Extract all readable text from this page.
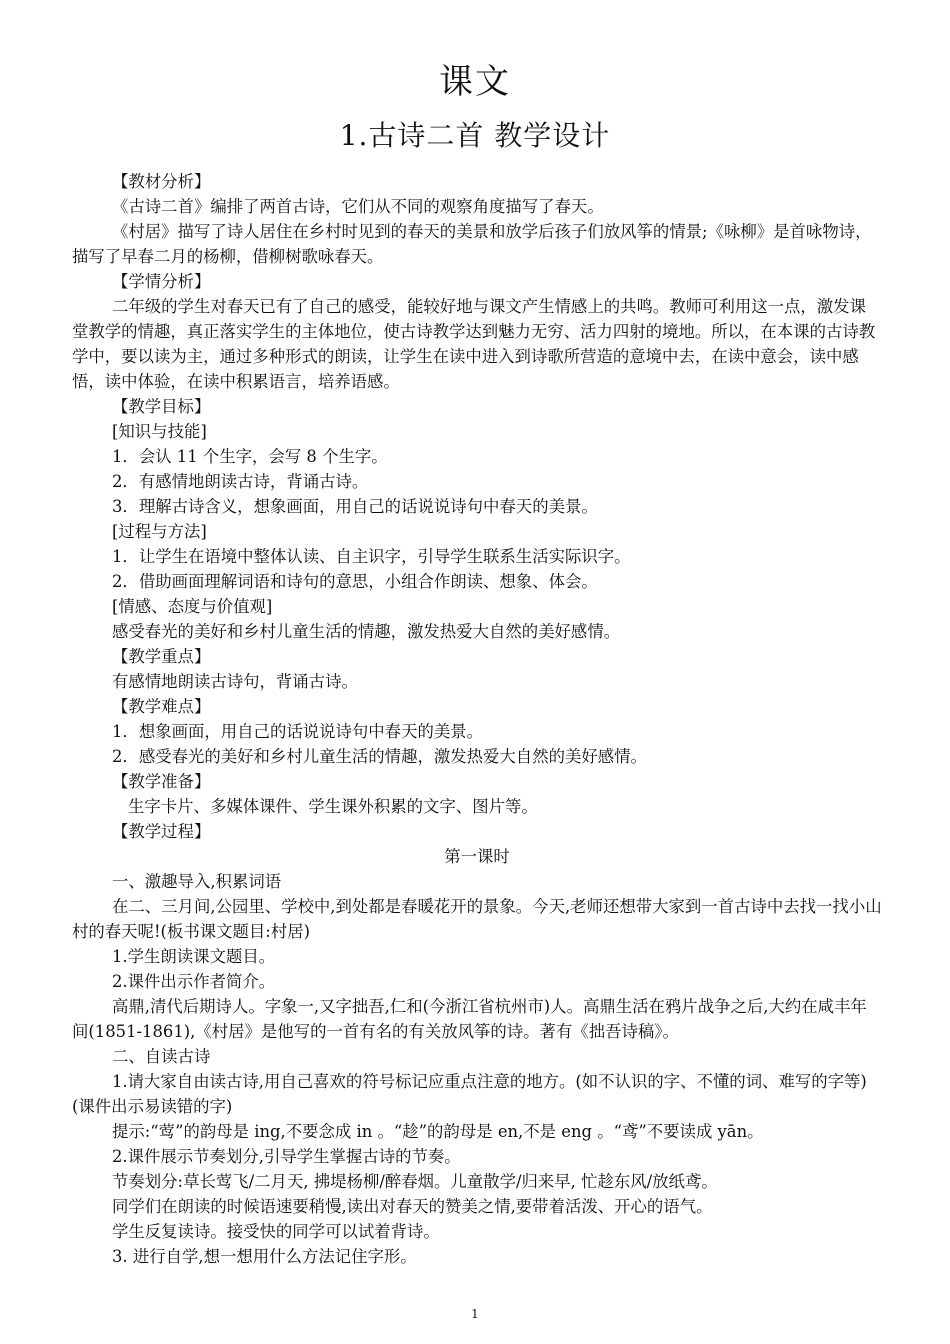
课文
1.古诗二首 教学设计

【教材分析】

《古诗二首》编排了两首古诗，它们从不同的观察角度描写了春天。

《村居》描写了诗人居住在乡村时见到的春天的美景和放学后孩子们放风筝的情景;《咏柳》是首咏物诗，描写了早春二月的杨柳，借柳树歌咏春天。

【学情分析】

二年级的学生对春天已有了自己的感受，能较好地与课文产生情感上的共鸣。教师可利用这一点，激发课堂教学的情趣，真正落实学生的主体地位，使古诗教学达到魅力无穷、活力四射的境地。所以，在本课的古诗教学中，要以读为主，通过多种形式的朗读，让学生在读中进入到诗歌所营造的意境中去，在读中意会，读中感悟，读中体验，在读中积累语言，培养语感。

【教学目标】

[知识与技能]

1．会认 11 个生字，会写 8 个生字。

2．有感情地朗读古诗，背诵古诗。

3．理解古诗含义，想象画面，用自己的话说说诗句中春天的美景。

[过程与方法]

1．让学生在语境中整体认读、自主识字，引导学生联系生活实际识字。

2．借助画面理解词语和诗句的意思，小组合作朗读、想象、体会。

[情感、态度与价值观]

感受春光的美好和乡村儿童生活的情趣，激发热爱大自然的美好感情。

【教学重点】

有感情地朗读古诗句，背诵古诗。

【教学难点】

1．想象画面，用自己的话说说诗句中春天的美景。

2．感受春光的美好和乡村儿童生活的情趣，激发热爱大自然的美好感情。

【教学准备】

生字卡片、多媒体课件、学生课外积累的文字、图片等。

【教学过程】

第一课时

一、激趣导入,积累词语

在二、三月间,公园里、学校中,到处都是春暖花开的景象。今天,老师还想带大家到一首古诗中去找一找小山村的春天呢!(板书课文题目:村居)

1.学生朗读课文题目。

2.课件出示作者简介。

高鼎,清代后期诗人。字象一,又字拙吾,仁和(今浙江省杭州市)人。高鼎生活在鸦片战争之后,大约在咸丰年间(1851-1861),《村居》是他写的一首有名的有关放风筝的诗。著有《拙吾诗稿》。

二、自读古诗

1.请大家自由读古诗,用自己喜欢的符号标记应重点注意的地方。(如不认识的字、不懂的词、难写的字等)(课件出示易读错的字)

提示:“莺”的韵母是 ing,不要念成 in 。“趁”的韵母是 en,不是 eng 。“鸢”不要读成 yān。

2.课件展示节奏划分,引导学生掌握古诗的节奏。

节奏划分:草长莺飞/二月天, 拂堤杨柳/醉春烟。儿童散学/归来早, 忙趁东风/放纸鸢。

同学们在朗读的时候语速要稍慢,读出对春天的赞美之情,要带着活泼、开心的语气。

学生反复读诗。接受快的同学可以试着背诗。

3. 进行自学,想一想用什么方法记住字形。

1
